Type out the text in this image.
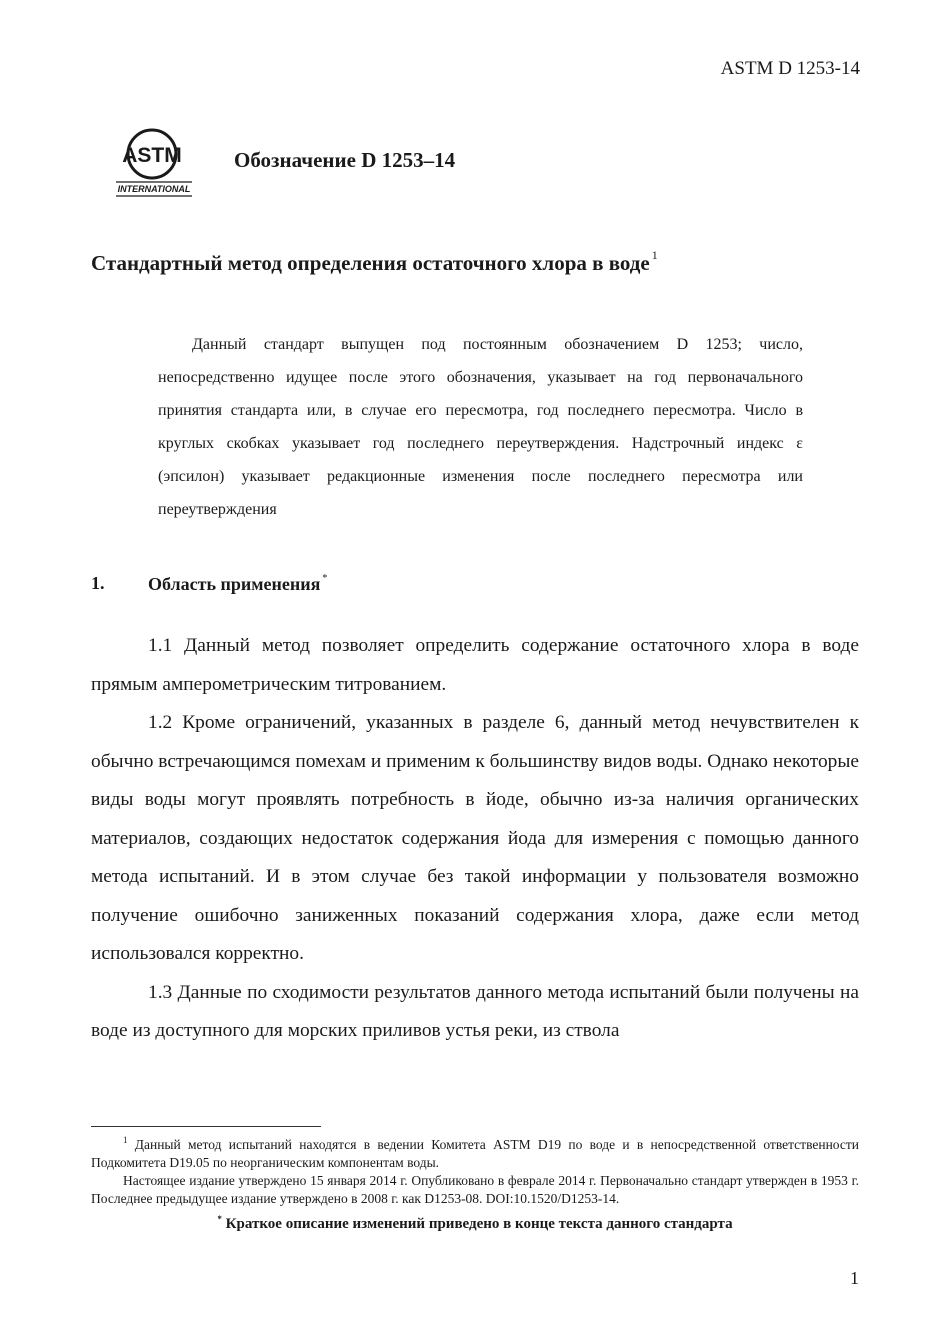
ASTM D 1253-14
ASTM
INTERNATIONAL
Обозначение D 1253–14
Стандартный метод определения остаточного хлора в воде $^1$

Данный стандарт выпущен под постоянным обозначением D 1253; число, непосредственно идущее после этого обозначения, указывает на год первоначального принятия стандарта или, в случае его пересмотра, год последнего пересмотра. Число в круглых скобках указывает год последнего переутверждения. Надстрочный индекс ε (эпсилон) указывает редакционные изменения после последнего пересмотра или переутверждения

1. Область применения *

1.1 Данный метод позволяет определить содержание остаточного хлора в воде прямым амперометрическим титрованием.

1.2 Кроме ограничений, указанных в разделе 6, данный метод нечувствителен к обычно встречающимся помехам и применим к большинству видов воды. Однако некоторые виды воды могут проявлять потребность в йоде, обычно из-за наличия органических материалов, создающих недостаток содержания йода для измерения с помощью данного метода испытаний. И в этом случае без такой информации у пользователя возможно получение ошибочно заниженных показаний содержания хлора, даже если метод использовался корректно.

1.3 Данные по сходимости результатов данного метода испытаний были получены на воде из доступного для морских приливов устья реки, из ствола

$^1$ Данный метод испытаний находятся в ведении Комитета ASTM D19 по воде и в непосредственной ответственности Подкомитета D19.05 по неорганическим компонентам воды.

Настоящее издание утверждено 15 января 2014 г. Опубликовано в феврале 2014 г. Первоначально стандарт утвержден в 1953 г. Последнее предыдущее издание утверждено в 2008 г. как D1253-08. DOI:10.1520/D1253-14.

* Краткое описание изменений приведено в конце текста данного стандарта

1
